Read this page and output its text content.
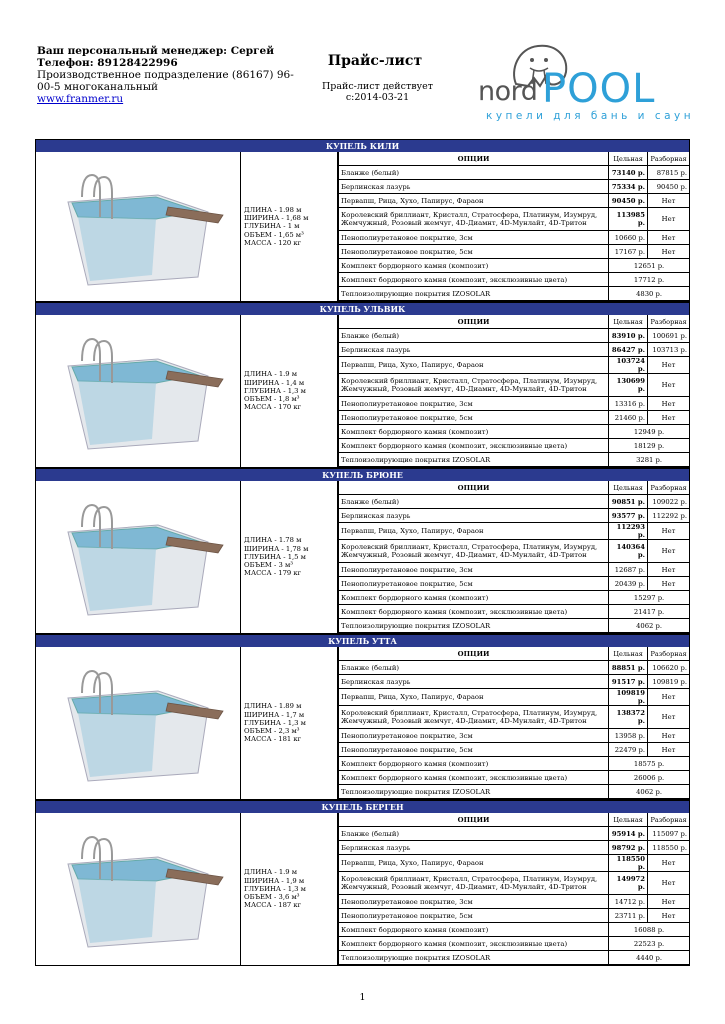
Ваш персональный менеджер: Сергей
Телефон: 89128422996
Производственное подразделение (86167) 96-00-5 многоканальный
www.franmer.ru
Прайс-лист
Прайс-лист действует
с:2014-03-21	nord POOL
купели для бань и саун
КУПЕЛЬ КИЛИ
ДЛИНА - 1.98 м
ШИРИНА - 1,68 м
ГЛУБИНА - 1 м
ОБЪЕМ - 1,65 м³
МАССА - 120 кг
ОПЦИИ	Цельная	Разборная
Бланже (белый)	73140 р.	87815 р.
Берлинская лазурь	75334 р.	90450 р.
Первапш, Рица, Хухо, Папирус, Фараон	90450 р.	Нет
Королевский бриллиант, Кристалл, Стратосфера, Платинум, Изумруд, Жемчужный, Розовый жемчуг, 4D-Диамнт, 4D-Мунлайт, 4D-Тритон	113985 р.	Нет
Пенополиуретановое покрытие, 3см	10660 р.	Нет
Пенополиуретановое покрытие, 5см	17167 р.	Нет
Комплект бордюрного камня (композит)	12651 р.	
Комплект бордюрного камня (композит, эксклюзивные цвета)	17712 р.	
Теплоизолирующие покрытия IZOSOLAR	4830 р.	
КУПЕЛЬ УЛЬВИК
ДЛИНА - 1.9 м
ШИРИНА - 1,4 м
ГЛУБИНА - 1,3 м
ОБЪЕМ - 1,8 м³
МАССА - 170 кг
ОПЦИИ	Цельная	Разборная
Бланже (белый)	83910 р.	100691 р.
Берлинская лазурь	86427 р.	103713 р.
Первапш, Рица, Хухо, Папирус, Фараон	103724 р.	Нет
Королевский бриллиант, Кристалл, Стратосфера, Платинум, Изумруд, Жемчужный, Розовый жемчуг, 4D-Диамнт, 4D-Мунлайт, 4D-Тритон	130699 р.	Нет
Пенополиуретановое покрытие, 3см	13316 р.	Нет
Пенополиуретановое покрытие, 5см	21460 р.	Нет
Комплект бордюрного камня (композит)	12949 р.	
Комплект бордюрного камня (композит, эксклюзивные цвета)	18129 р.	
Теплоизолирующие покрытия IZOSOLAR	3281 р.	
КУПЕЛЬ БРЮНЕ
ДЛИНА - 1.78 м
ШИРИНА - 1,78 м
ГЛУБИНА - 1,5 м
ОБЪЕМ - 3 м³
МАССА - 179 кг
ОПЦИИ	Цельная	Разборная
Бланже (белый)	90851 р.	109022 р.
Берлинская лазурь	93577 р.	112292 р.
Первапш, Рица, Хухо, Папирус, Фараон	112293 р.	Нет
Королевский бриллиант, Кристалл, Стратосфера, Платинум, Изумруд, Жемчужный, Розовый жемчуг, 4D-Диамнт, 4D-Мунлайт, 4D-Тритон	140364 р.	Нет
Пенополиуретановое покрытие, 3см	12687 р.	Нет
Пенополиуретановое покрытие, 5см	20439 р.	Нет
Комплект бордюрного камня (композит)	15297 р.	
Комплект бордюрного камня (композит, эксклюзивные цвета)	21417 р.	
Теплоизолирующие покрытия IZOSOLAR	4062 р.	
КУПЕЛЬ УТТА
ДЛИНА - 1.89 м
ШИРИНА - 1,7 м
ГЛУБИНА - 1,3 м
ОБЪЕМ - 2,3 м³
МАССА - 181 кг
ОПЦИИ	Цельная	Разборная
Бланже (белый)	88851 р.	106620 р.
Берлинская лазурь	91517 р.	109819 р.
Первапш, Рица, Хухо, Папирус, Фараон	109819 р.	Нет
Королевский бриллиант, Кристалл, Стратосфера, Платинум, Изумруд, Жемчужный, Розовый жемчуг, 4D-Диамнт, 4D-Мунлайт, 4D-Тритон	138372 р.	Нет
Пенополиуретановое покрытие, 3см	13958 р.	Нет
Пенополиуретановое покрытие, 5см	22479 р.	Нет
Комплект бордюрного камня (композит)	18575 р.	
Комплект бордюрного камня (композит, эксклюзивные цвета)	26006 р.	
Теплоизолирующие покрытия IZOSOLAR	4062 р.	
КУПЕЛЬ БЕРГЕН
ДЛИНА - 1.9 м
ШИРИНА - 1,9 м
ГЛУБИНА - 1,3 м
ОБЪЕМ - 3,6 м³
МАССА - 187 кг
ОПЦИИ	Цельная	Разборная
Бланже (белый)	95914 р.	115097 р.
Берлинская лазурь	98792 р.	118550 р.
Первапш, Рица, Хухо, Папирус, Фараон	118550 р.	Нет
Королевский бриллиант, Кристалл, Стратосфера, Платинум, Изумруд, Жемчужный, Розовый жемчуг, 4D-Диамнт, 4D-Мунлайт, 4D-Тритон	149972 р.	Нет
Пенополиуретановое покрытие, 3см	14712 р.	Нет
Пенополиуретановое покрытие, 5см	23711 р.	Нет
Комплект бордюрного камня (композит)	16088 р.	
Комплект бордюрного камня (композит, эксклюзивные цвета)	22523 р.	
Теплоизолирующие покрытия IZOSOLAR	4440 р.	
1
